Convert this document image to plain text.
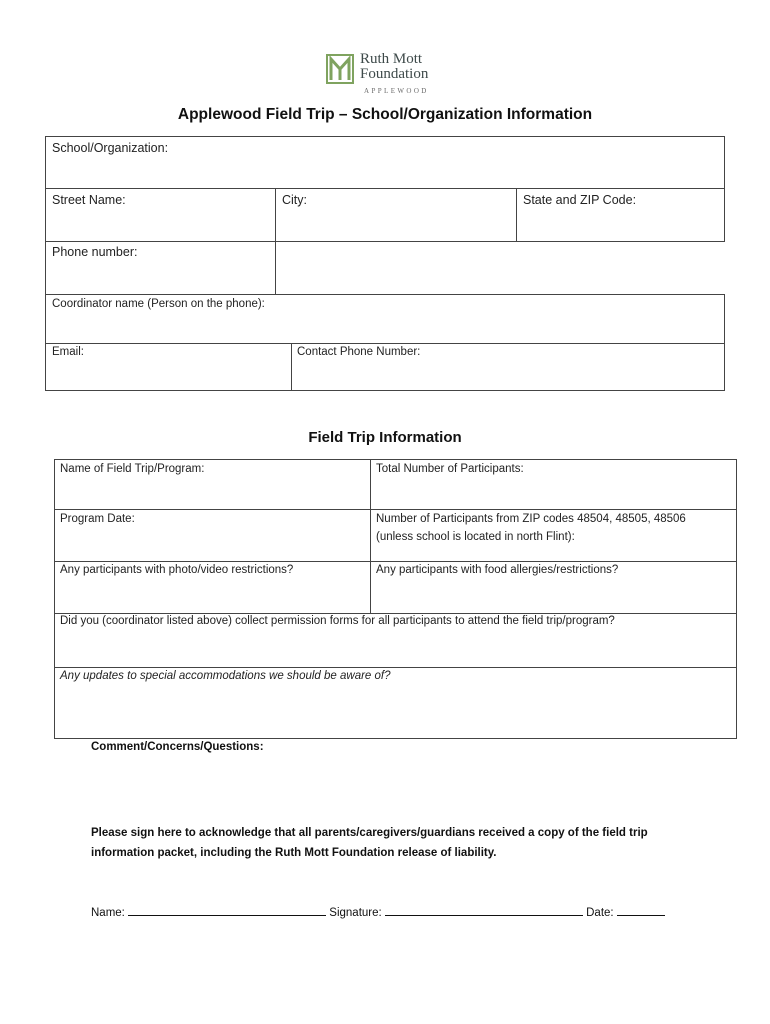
Ruth Mott
Foundation
APPLEWOOD
Applewood Field Trip – School/Organization Information
School/Organization:
Street Name:	City:	State and ZIP Code:
Phone number:
Coordinator name (Person on the phone):
Email:	Contact Phone Number:
Field Trip Information
Name of Field Trip/Program:	Total Number of Participants:
Program Date:	Number of Participants from ZIP codes 48504, 48505, 48506
(unless school is located in north Flint):
Any participants with photo/video restrictions?	Any participants with food allergies/restrictions?
Did you (coordinator listed above) collect permission forms for all participants to attend the field trip/program?
Any updates to special accommodations we should be aware of?
Comment/Concerns/Questions:
Please sign here to acknowledge that all parents/caregivers/guardians received a copy of the field trip
information packet, including the Ruth Mott Foundation release of liability.
Name:	Signature:	Date:
